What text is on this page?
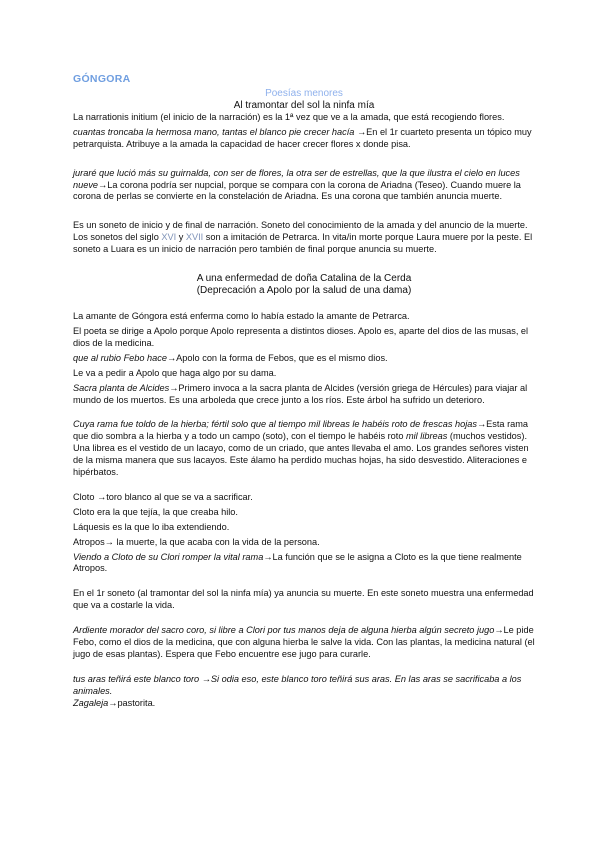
GÓNGORA
Poesías menores
Al tramontar del sol la ninfa mía

La narrationis initium (el inicio de la narración) es la 1ª vez que ve a la amada, que está recogiendo flores.

cuantas troncaba la hermosa mano, tantas el blanco pie crecer hacía →En el 1r cuarteto presenta un tópico muy petrarquista. Atribuye a la amada la capacidad de hacer crecer flores x donde pisa.

juraré que lució más su guirnalda, con ser de flores, la otra ser de estrellas, que la que ilustra el cielo en luces nueve→La corona podría ser nupcial, porque se compara con la corona de Ariadna (Teseo). Cuando muere la corona de perlas se convierte en la constelación de Ariadna. Es una corona que también anuncia muerte.

Es un soneto de inicio y de final de narración. Soneto del conocimiento de la amada y del anuncio de la muerte. Los sonetos del siglo XVI y XVII son a imitación de Petrarca. In vita/in morte porque Laura muere por la peste. El soneto a Luara es un inicio de narración pero también de final porque anuncia su muerte.

A una enfermedad de doña Catalina de la Cerda
(Deprecación a Apolo por la salud de una dama)

La amante de Góngora está enferma como lo había estado la amante de Petrarca.

El poeta se dirige a Apolo porque Apolo representa a distintos dioses. Apolo es, aparte del dios de las musas, el dios de la medicina.

que al rubio Febo hace→Apolo con la forma de Febos, que es el mismo dios.

Le va a pedir a Apolo que haga algo por su dama.

Sacra planta de Alcides→Primero invoca a la sacra planta de Alcides (versión griega de Hércules) para viajar al mundo de los muertos. Es una arboleda que crece junto a los ríos. Este árbol ha sufrido un deterioro.

Cuya rama fue toldo de la hierba; fértil solo que al tiempo mil libreas le habéis roto de frescas hojas→Esta rama que dio sombra a la hierba y a todo un campo (soto), con el tiempo le habéis roto mil libreas (muchos vestidos). Una librea es el vestido de un lacayo, como de un criado, que antes llevaba el amo. Los grandes señores visten de la misma manera que sus lacayos. Este álamo ha perdido muchas hojas, ha sido desvestido. Aliteraciones e hipérbatos.

Cloto →toro blanco al que se va a sacrificar.

Cloto era la que tejía, la que creaba hilo.

Láquesis es la que lo iba extendiendo.

Atropos→ la muerte, la que acaba con la vida de la persona.

Viendo a Cloto de su Clori romper la vital rama→La función que se le asigna a Cloto es la que tiene realmente Atropos.

En el 1r soneto (al tramontar del sol la ninfa mía) ya anuncia su muerte. En este soneto muestra una enfermedad que va a costarle la vida.

Ardiente morador del sacro coro, si libre a Clori por tus manos deja de alguna hierba algún secreto jugo→Le pide Febo, como el dios de la medicina, que con alguna hierba le salve la vida. Con las plantas, la medicina natural (el jugo de esas plantas). Espera que Febo encuentre ese jugo para curarle.

tus aras teñirá este blanco toro →Si odia eso, este blanco toro teñirá sus aras. En las aras se sacrificaba a los animales.

Zagaleja→pastorita.
